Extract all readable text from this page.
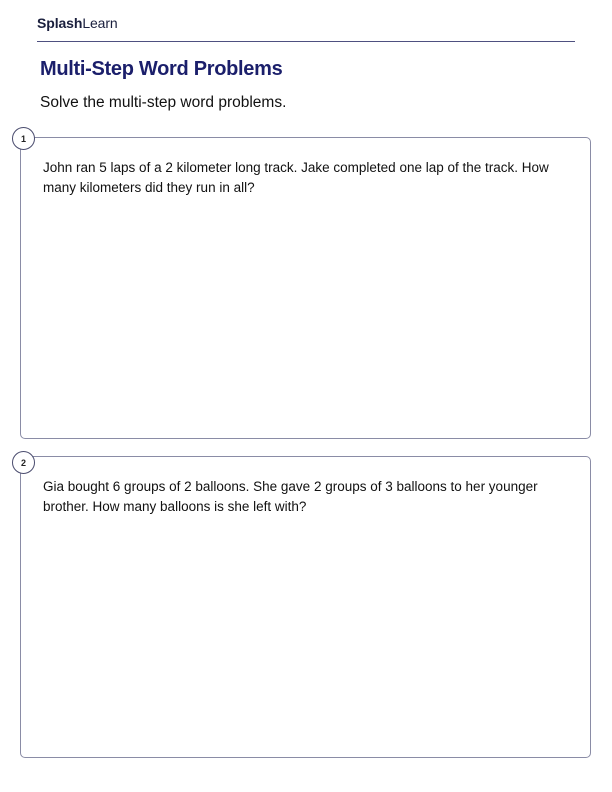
SplashLearn
Multi-Step Word Problems

Solve the multi-step word problems.

1

John ran 5 laps of a 2 kilometer long track. Jake completed one lap of the track. How many kilometers did they run in all?

2

Gia bought 6 groups of 2 balloons. She gave 2 groups of 3 balloons to her younger brother. How many balloons is she left with?
